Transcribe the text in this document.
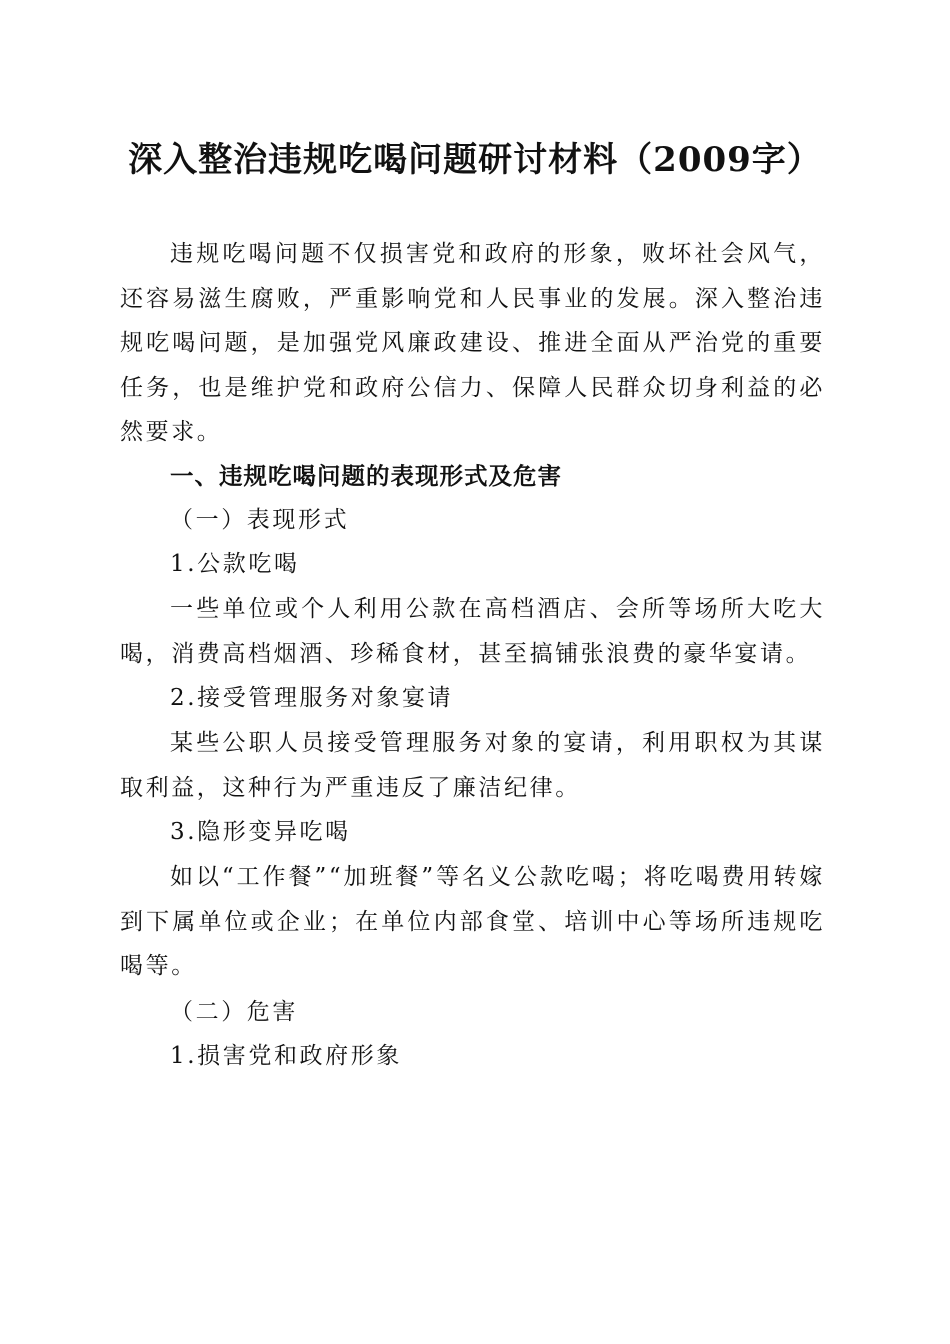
深入整治违规吃喝问题研讨材料（2009字）

违规吃喝问题不仅损害党和政府的形象，败坏社会风气，还容易滋生腐败，严重影响党和人民事业的发展。深入整治违规吃喝问题，是加强党风廉政建设、推进全面从严治党的重要任务，也是维护党和政府公信力、保障人民群众切身利益的必然要求。

一、违规吃喝问题的表现形式及危害

（一）表现形式

1.公款吃喝

一些单位或个人利用公款在高档酒店、会所等场所大吃大喝，消费高档烟酒、珍稀食材，甚至搞铺张浪费的豪华宴请。

2.接受管理服务对象宴请

某些公职人员接受管理服务对象的宴请，利用职权为其谋取利益，这种行为严重违反了廉洁纪律。

3.隐形变异吃喝

如以“工作餐”“加班餐”等名义公款吃喝；将吃喝费用转嫁到下属单位或企业；在单位内部食堂、培训中心等场所违规吃喝等。

（二）危害

1.损害党和政府形象
